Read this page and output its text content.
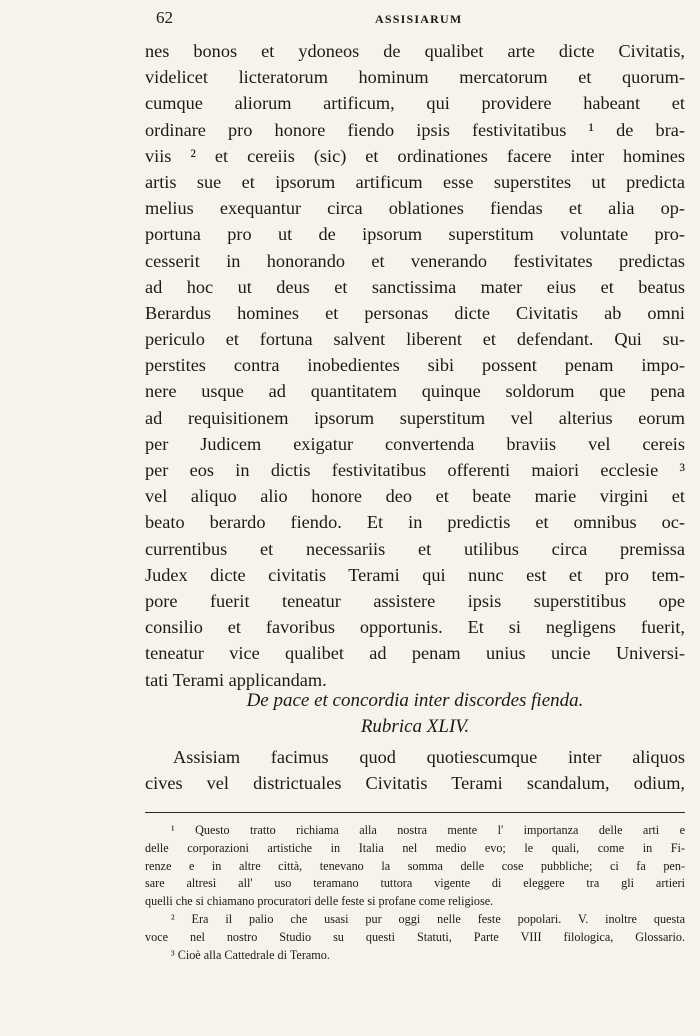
62	ASSISIARUM
nes bonos et ydoneos de qualibet arte dicte Civitatis,
videlicet licteratorum hominum mercatorum et quorum-
cumque aliorum artificum, qui providere habeant et
ordinare pro honore fiendo ipsis festivitatibus ¹ de bra-
viis ² et cereiis (sic) et ordinationes facere inter homines
artis sue et ipsorum artificum esse superstites ut predicta
melius exequantur circa oblationes fiendas et alia op-
portuna pro ut de ipsorum superstitum voluntate pro-
cesserit in honorando et venerando festivitates predictas
ad hoc ut deus et sanctissima mater eius et beatus
Berardus homines et personas dicte Civitatis ab omni
periculo et fortuna salvent liberent et defendant. Qui su-
perstites contra inobedientes sibi possent penam impo-
nere usque ad quantitatem quinque soldorum que pena
ad requisitionem ipsorum superstitum vel alterius eorum
per Judicem exigatur convertenda braviis vel cereis
per eos in dictis festivitatibus offerenti maiori ecclesie ³
vel aliquo alio honore deo et beate marie virgini et
beato berardo fiendo. Et in predictis et omnibus oc-
currentibus et necessariis et utilibus circa premissa
Judex dicte civitatis Terami qui nunc est et pro tem-
pore fuerit teneatur assistere ipsis superstitibus ope
consilio et favoribus opportunis. Et si negligens fuerit,
teneatur vice qualibet ad penam unius uncie Universi-
tati Terami applicandam.
De pace et concordia inter discordes fienda.
Rubrica XLIV.
Assisiam facimus quod quotiescumque inter aliquos
cives vel districtuales Civitatis Terami scandalum, odium,
¹ Questo tratto richiama alla nostra mente l' importanza delle arti e
delle corporazioni artistiche in Italia nel medio evo; le quali, come in Fi-
renze e in altre città, tenevano la somma delle cose pubbliche; ci fa pen-
sare altresì all' uso teramano tuttora vigente di eleggere tra gli artieri
quelli che si chiamano procuratori delle feste si profane come religiose.
² Era il palio che usasi pur oggi nelle feste popolari. V. inoltre questa
voce nel nostro Studio su questi Statuti, Parte VIII filologica, Glossario.
³ Cioè alla Cattedrale di Teramo.
